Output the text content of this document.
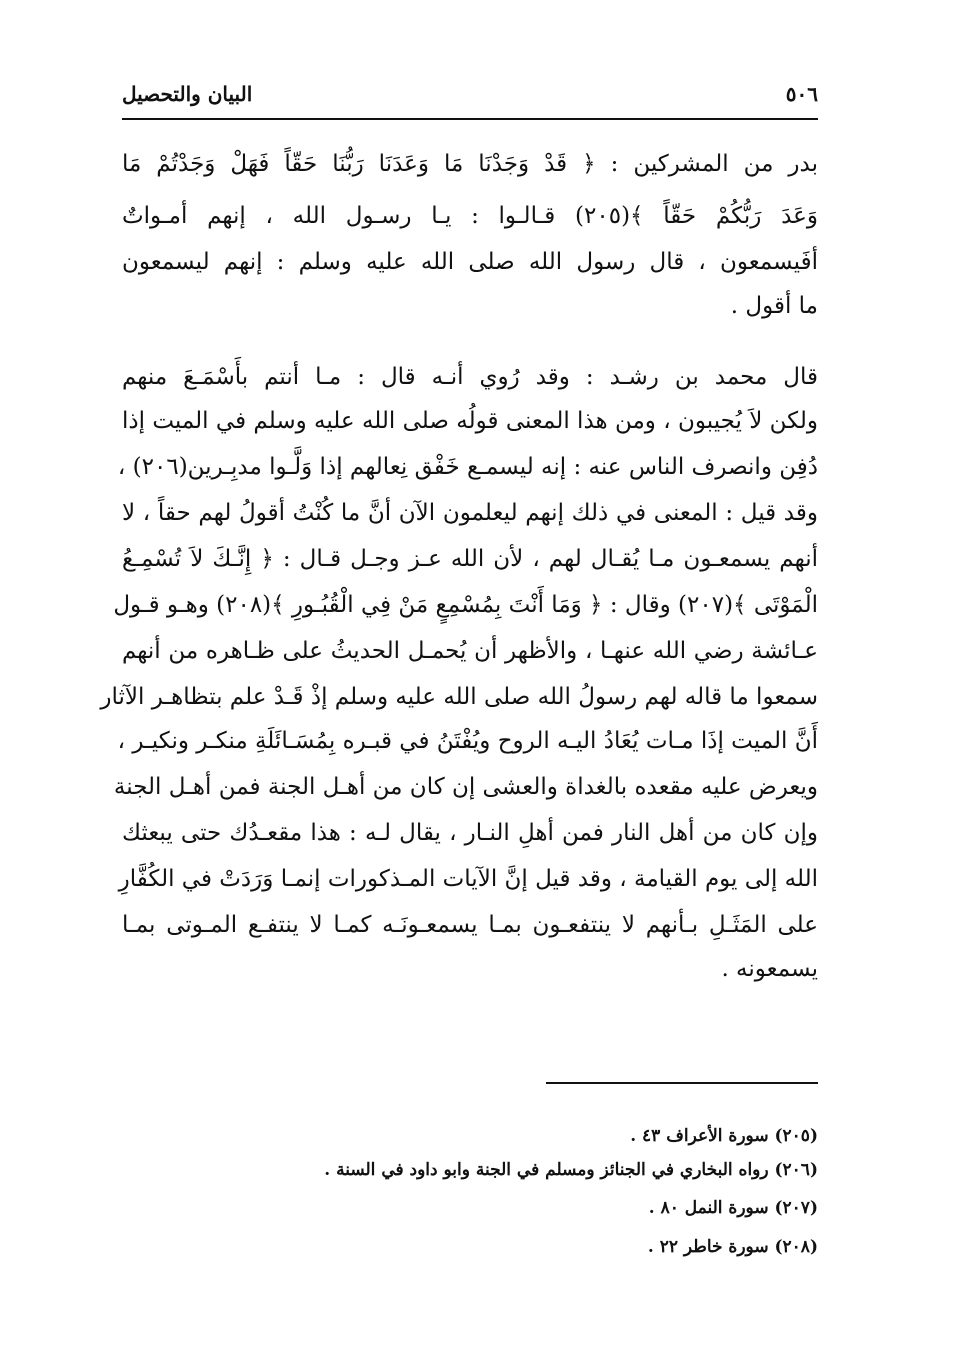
البيان والتحصيل	٥٠٦
بدر من المشركين : ﴿ قَدْ وَجَدْنَا مَا وَعَدَنَا رَبُّنَا حَقّاً فَهَلْ وَجَدْتُمْ مَا
وَعَدَ رَبُّكُمْ حَقّاً ﴾(٢٠٥) قـالـوا : يـا رسـول الله ، إنهم أمـواتٌ
أفَيسمعون ، قال رسول الله صلى الله عليه وسلم : إنهم ليسمعون
ما أقول .
قال محمد بن رشـد : وقد رُوي أنـه قال : مـا أنتم بأَسْمَـعَ منهم
ولكن لاَ يُجيبون ، ومن هذا المعنى قولُه صلى الله عليه وسلم في الميت إذا
دُفِن وانصرف الناس عنه : إنه ليسمـع خَفْق نِعالهم إذا وَلَّـوا مدبِـرين(٢٠٦) ،
وقد قيل : المعنى في ذلك إنهم ليعلمون الآن أنَّ ما كُنْتُ أقولُ لهم حقاً ، لا
أنهم يسمعـون مـا يُقـال لهم ، لأن الله عـز وجـل قـال : ﴿ إِنَّـكَ لاَ تُسْمِـعُ
الْمَوْتَى ﴾(٢٠٧) وقال : ﴿ وَمَا أَنْتَ بِمُسْمِعٍ مَنْ فِي الْقُبُـورِ ﴾(٢٠٨) وهـو قـول
عـائشة رضي الله عنهـا ، والأظهر أن يُحمـل الحديثُ على ظـاهره من أنهم
سمعوا ما قاله لهم رسولُ الله صلى الله عليه وسلم إذْ قَـدْ علم بتظاهـر الآثار
أَنَّ الميت إذَا مـات يُعَادُ اليـه الروح ويُفْتَنُ في قبـره بِمُسَـائَلَةِ منكـر ونكيـر ،
ويعرض عليه مقعده بالغداة والعشى إن كان من أهـل الجنة فمن أهـل الجنة
وإن كان من أهل النار فمن أهلِ النـار ، يقال لـه : هذا مقعـدُك حتى يبعثك
الله إلى يوم القيامة ، وقد قيل إنَّ الآيات المـذكورات إنمـا وَرَدَتْ في الكُفَّارِ
على المَثَـلِ بـأنهم لا ينتفعـون بمـا يسمعـونَـه كمـا لا ينتفـع المـوتى بمـا
يسمعونه .
(٢٠٥) سورة الأعراف ٤٣ .
(٢٠٦) رواه البخاري في الجنائز ومسلم في الجنة وابو داود في السنة .
(٢٠٧) سورة النمل ٨٠ .
(٢٠٨) سورة خاطر ٢٢ .
